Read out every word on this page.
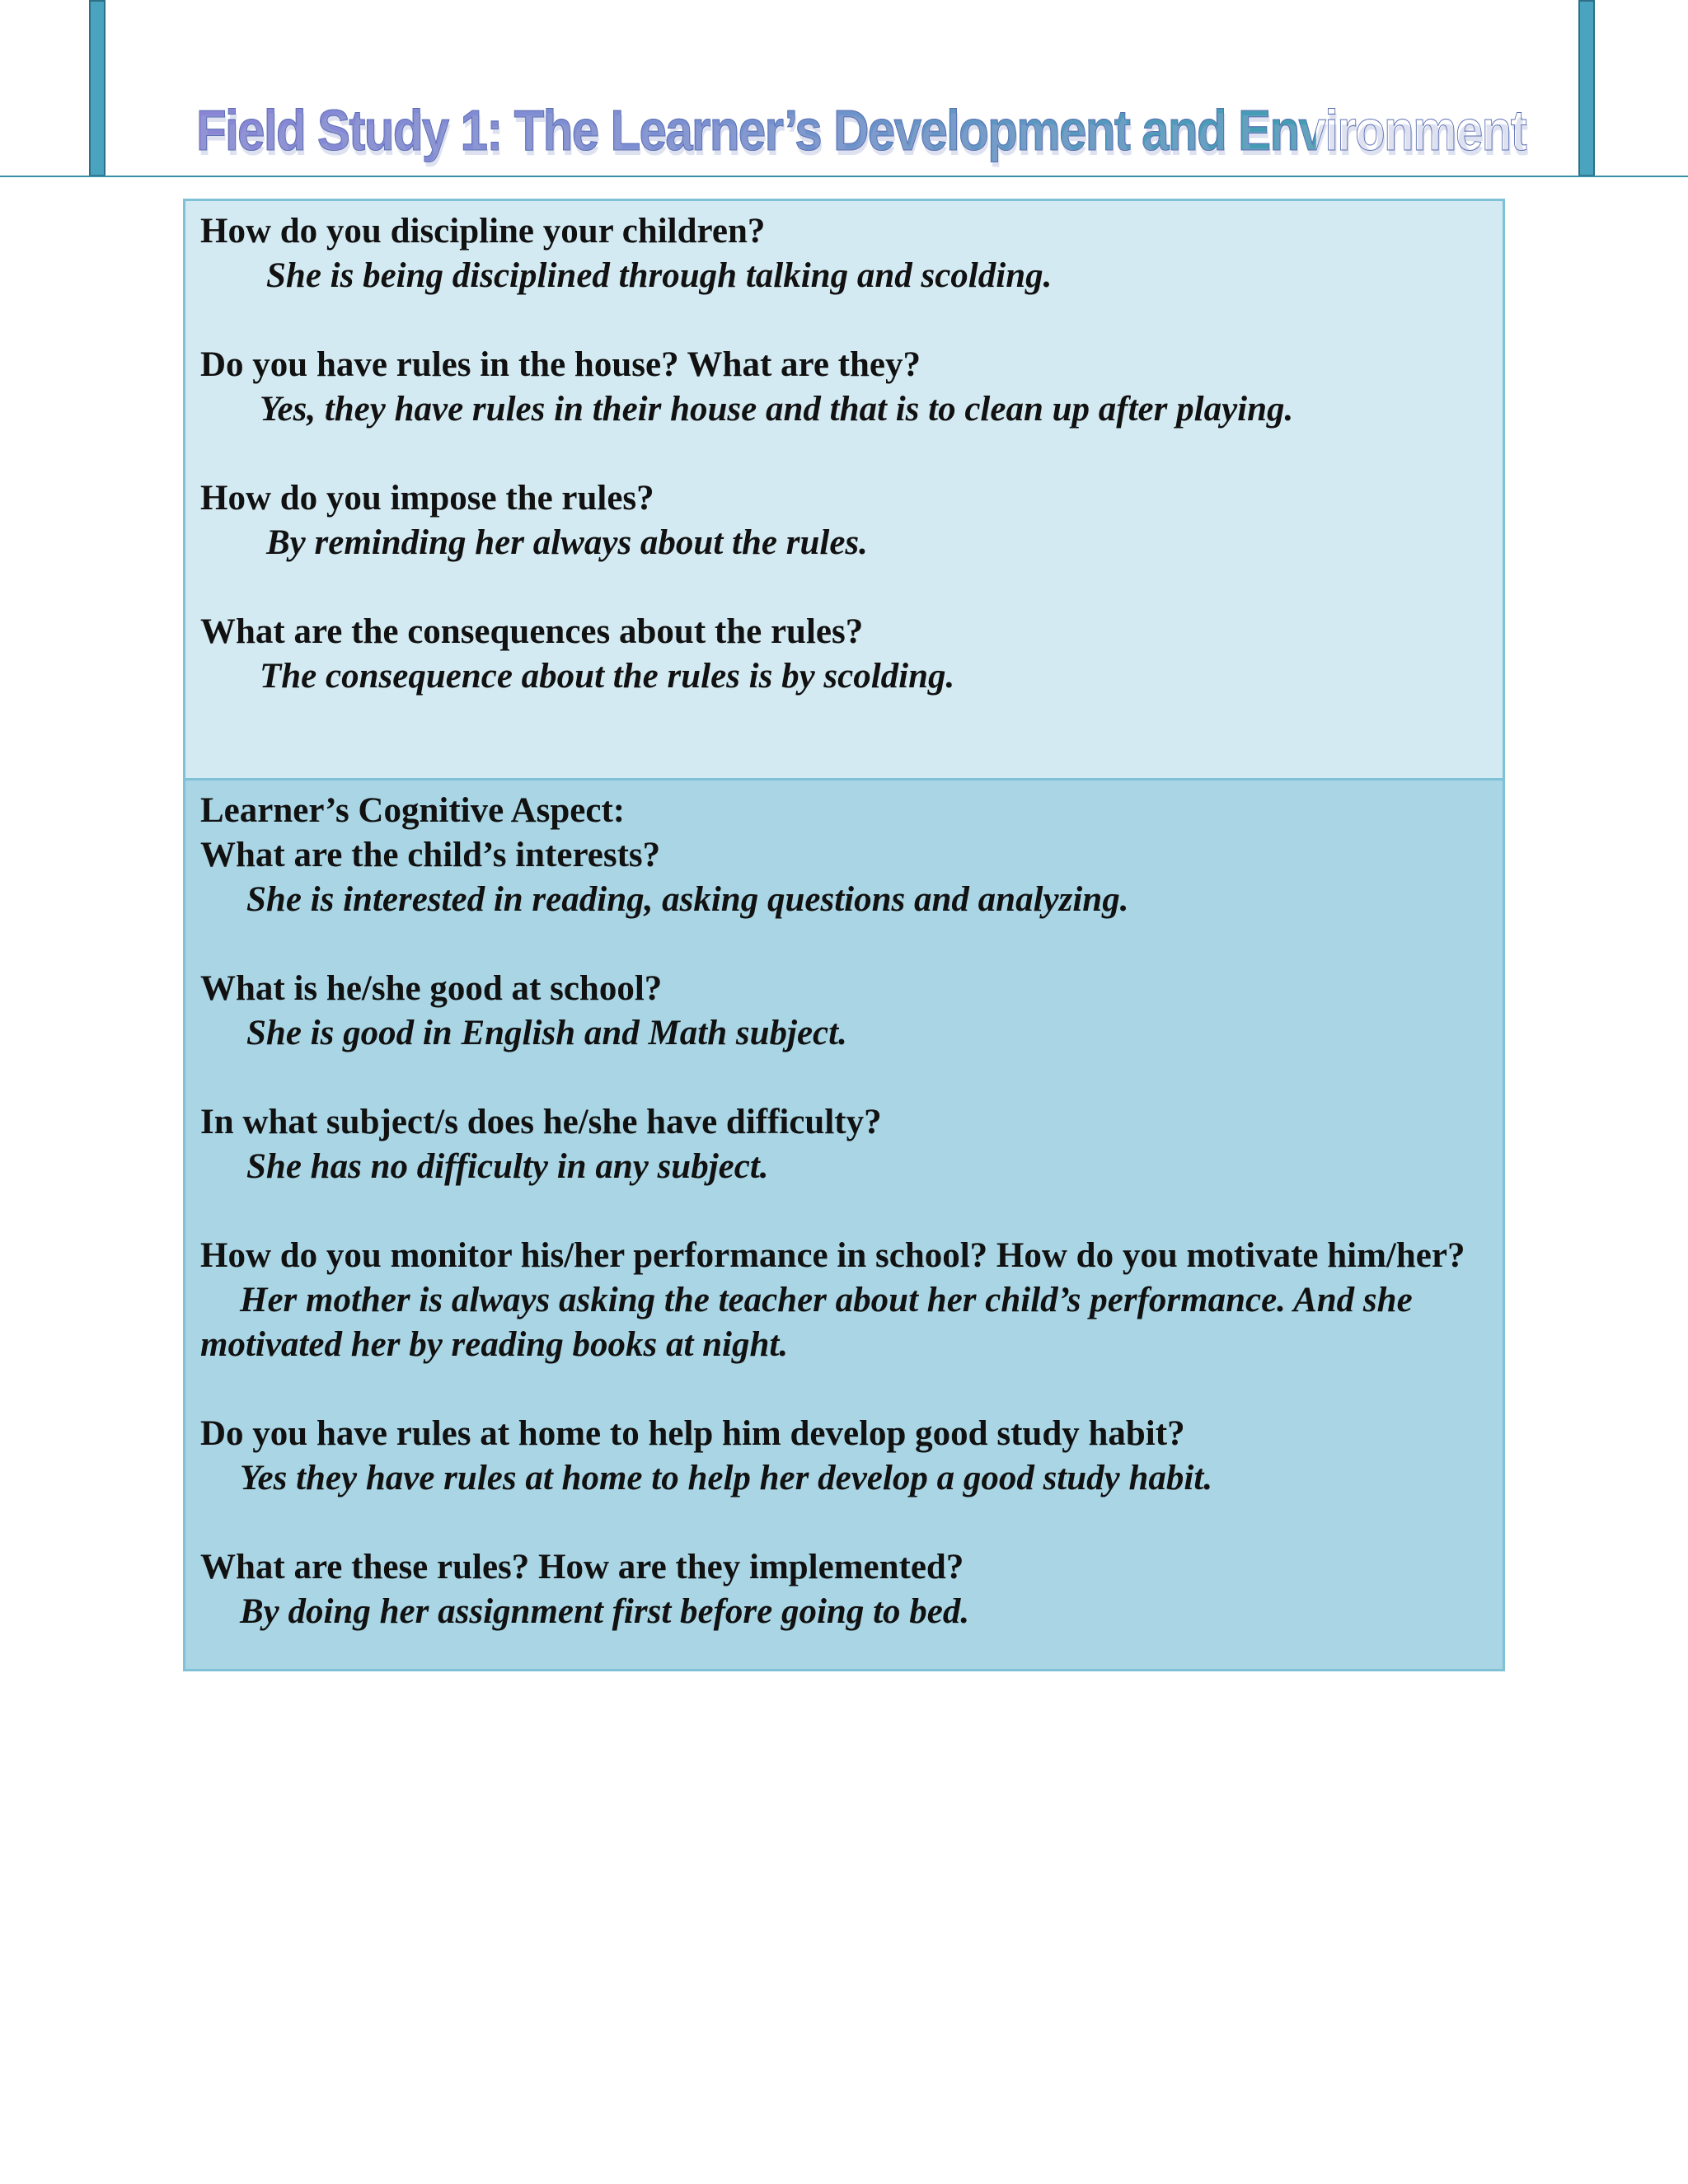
Field Study 1: The Learner’s Development and Environment
How do you discipline your children?
She is being disciplined through talking and scolding.
Do you have rules in the house? What are they?
Yes, they have rules in their house and that is to clean up after playing.
How do you impose the rules?
By reminding her always about the rules.
What are the consequences about the rules?
The consequence about the rules is by scolding.
Learner’s Cognitive Aspect:
What are the child’s interests?
She is interested in reading, asking questions and analyzing.
What is he/she good at school?
She is good in English and Math subject.
In what subject/s does he/she have difficulty?
She has no difficulty in any subject.
How do you monitor his/her performance in school? How do you motivate him/her?
Her mother is always asking the teacher about her child’s performance. And she motivated her by reading books at night.
Do you have rules at home to help him develop good study habit?
Yes they have rules at home to help her develop a good study habit.
What are these rules? How are they implemented?
By doing her assignment first before going to bed.
